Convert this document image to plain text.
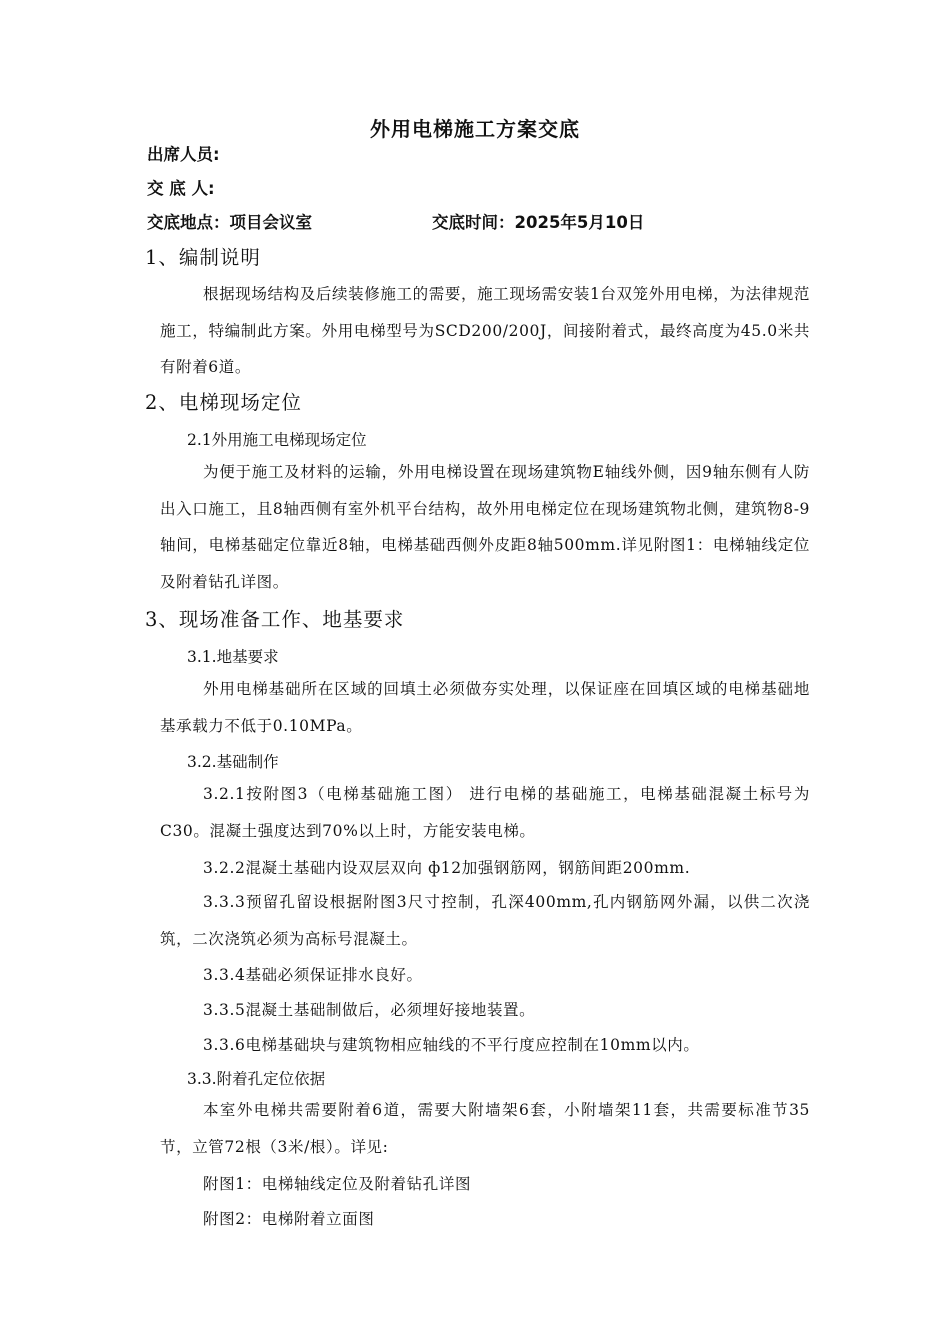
外用电梯施工方案交底
出席人员:
交 底 人:
交底地点：项目会议室	交底时间：2025年5月10日
1、编制说明
根据现场结构及后续装修施工的需要，施工现场需安装1台双笼外用电梯，为法律规范施工，特编制此方案。外用电梯型号为SCD200/200J，间接附着式，最终高度为45.0米共有附着6道。
2、电梯现场定位
2.1外用施工电梯现场定位
为便于施工及材料的运输，外用电梯设置在现场建筑物E轴线外侧，因9轴东侧有人防出入口施工，且8轴西侧有室外机平台结构，故外用电梯定位在现场建筑物北侧，建筑物8-9轴间，电梯基础定位靠近8轴，电梯基础西侧外皮距8轴500mm.详见附图1：电梯轴线定位及附着钻孔详图。
3、现场准备工作、地基要求
3.1.地基要求
外用电梯基础所在区域的回填土必须做夯实处理，以保证座在回填区域的电梯基础地基承载力不低于0.10MPa。
3.2.基础制作
3.2.1按附图3（电梯基础施工图） 进行电梯的基础施工，电梯基础混凝土标号为C30。混凝土强度达到70%以上时，方能安装电梯。
3.2.2混凝土基础内设双层双向 ф12加强钢筋网，钢筋间距200mm.
3.3.3预留孔留设根据附图3尺寸控制，孔深400mm,孔内钢筋网外漏，以供二次浇筑，二次浇筑必须为高标号混凝土。
3.3.4基础必须保证排水良好。
3.3.5混凝土基础制做后，必须埋好接地装置。
3.3.6电梯基础块与建筑物相应轴线的不平行度应控制在10mm以内。
3.3.附着孔定位依据
本室外电梯共需要附着6道，需要大附墙架6套，小附墙架11套，共需要标准节35节，立管72根（3米/根）。详见:
附图1：电梯轴线定位及附着钻孔详图
附图2：电梯附着立面图
